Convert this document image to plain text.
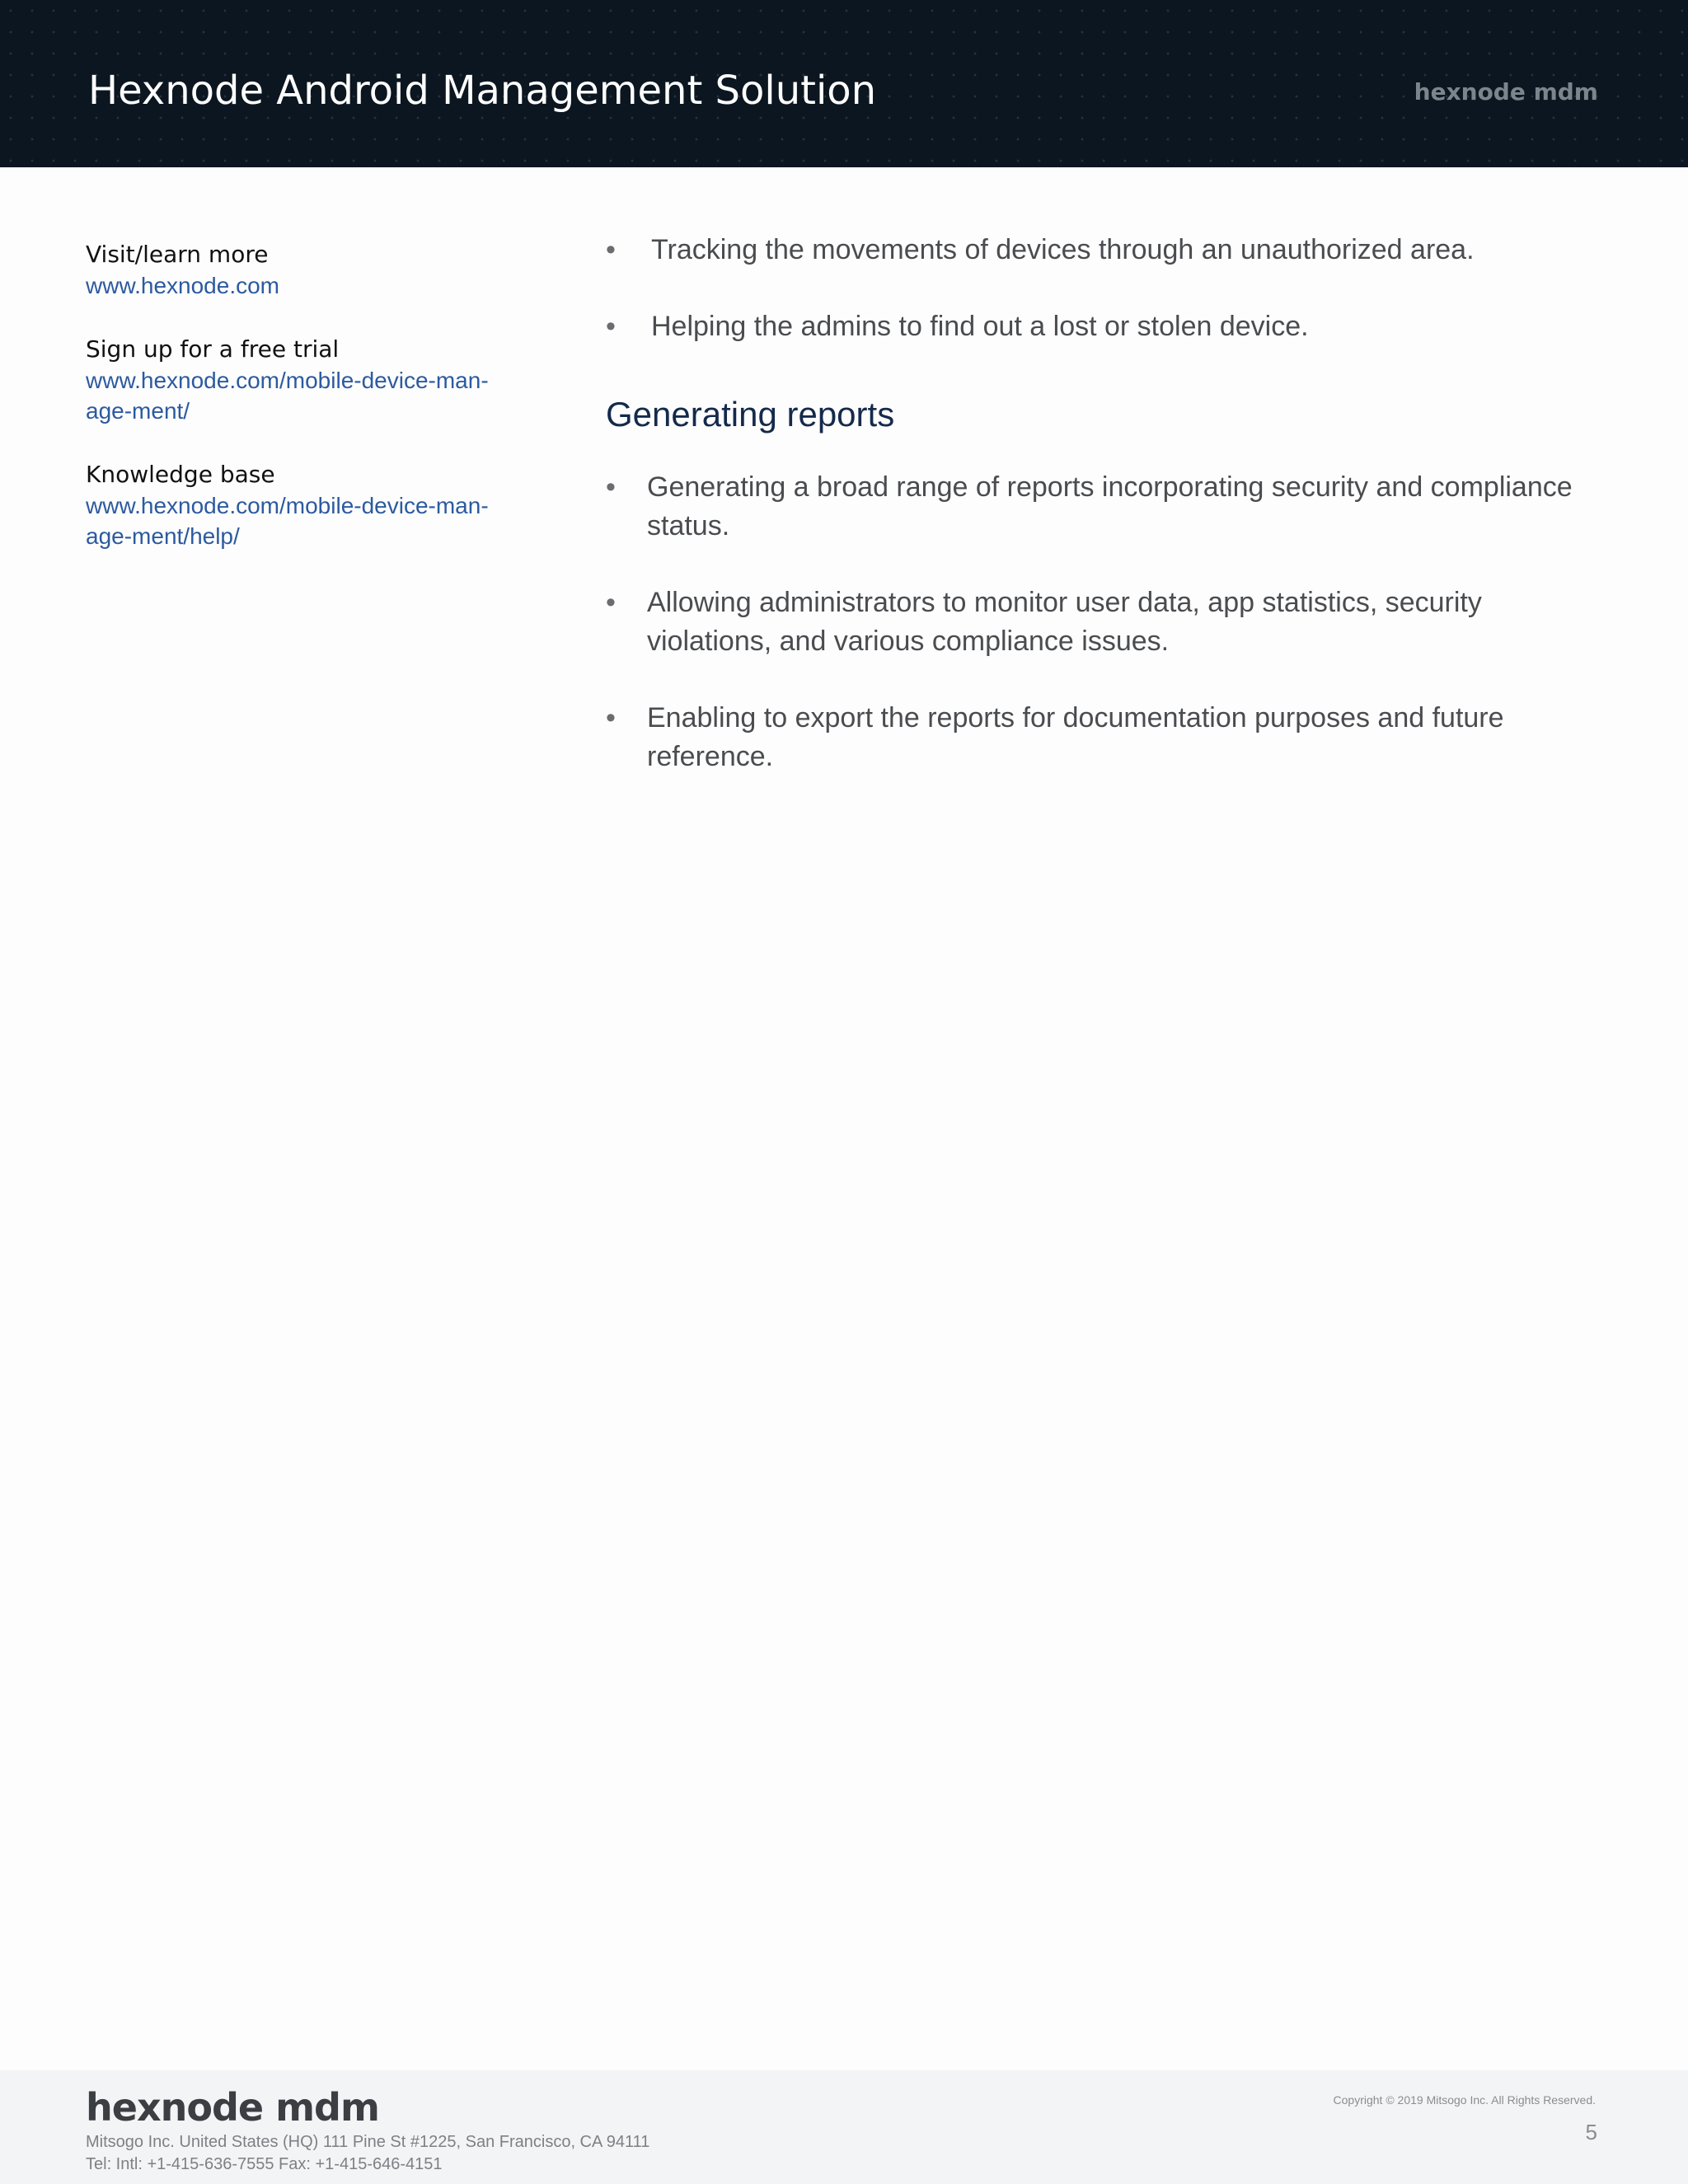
Hexnode Android Management Solution	hexnode mdm
Visit/learn more
www.hexnode.com
Sign up for a free trial
www.hexnode.com/mobile-device-man-
age-ment/
Knowledge base
www.hexnode.com/mobile-device-man-
age-ment/help/
• Tracking the movements of devices through an unauthorized area.
• Helping the admins to find out a lost or stolen device.
Generating reports
• Generating a broad range of reports incorporating security and compliance status.
• Allowing administrators to monitor user data, app statistics, security violations, and various compliance issues.
• Enabling to export the reports for documentation purposes and future reference.
hexnode mdm
Mitsogo Inc. United States (HQ) 111 Pine St #1225, San Francisco, CA 94111
Tel: Intl: +1-415-636-7555 Fax: +1-415-646-4151
Copyright © 2019 Mitsogo Inc. All Rights Reserved.
5
